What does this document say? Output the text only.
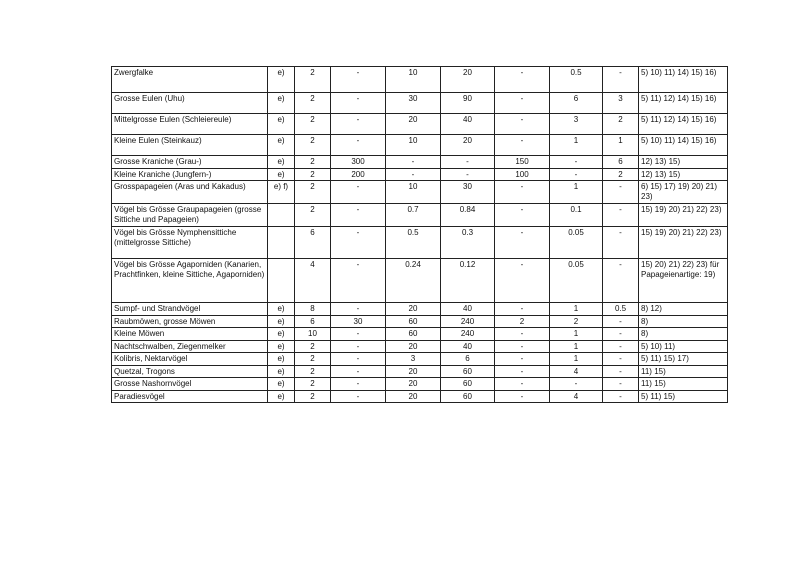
Zwergfalke	e)	2	-	10	20	-	0.5	-	5) 10) 11) 14) 15) 16)
Grosse Eulen (Uhu)	e)	2	-	30	90	-	6	3	5) 11) 12) 14) 15) 16)
Mittelgrosse Eulen (Schleiereule)	e)	2	-	20	40	-	3	2	5) 11) 12) 14) 15) 16)
Kleine Eulen (Steinkauz)	e)	2	-	10	20	-	1	1	5) 10) 11) 14) 15) 16)
Grosse Kraniche (Grau-)	e)	2	300	-	-	150	-	6	12) 13) 15)
Kleine Kraniche (Jungfern-)	e)	2	200	-	-	100	-	2	12) 13) 15)
Grosspapageien (Aras und Kakadus)	e) f)	2	-	10	30	-	1	-	6) 15) 17) 19) 20) 21) 23)
Vögel bis Grösse Graupapageien (grosse Sittiche und Papageien)		2	-	0.7	0.84	-	0.1	-	15) 19) 20) 21) 22) 23)
Vögel bis Grösse Nymphensittiche (mittelgrosse Sittiche)		6	-	0.5	0.3	-	0.05	-	15) 19) 20) 21) 22) 23)
Vögel bis Grösse Agaporniden (Kanarien, Prachtfinken, kleine Sittiche, Agaporniden)		4	-	0.24	0.12	-	0.05	-	15) 20) 21) 22) 23) für Papageienartige: 19)
Sumpf- und Strandvögel	e)	8	-	20	40	-	1	0.5	8) 12)
Raubmöwen, grosse Möwen	e)	6	30	60	240	2	2	-	8)
Kleine Möwen	e)	10	-	60	240	-	1	-	8)
Nachtschwalben, Ziegenmelker	e)	2	-	20	40	-	1	-	5) 10) 11)
Kolibris, Nektarvögel	e)	2	-	3	6	-	1	-	5) 11) 15) 17)
Quetzal, Trogons	e)	2	-	20	60	-	4	-	11) 15)
Grosse Nashornvögel	e)	2	-	20	60	-	-	-	11) 15)
Paradiesvögel	e)	2	-	20	60	-	4	-	5) 11) 15)
